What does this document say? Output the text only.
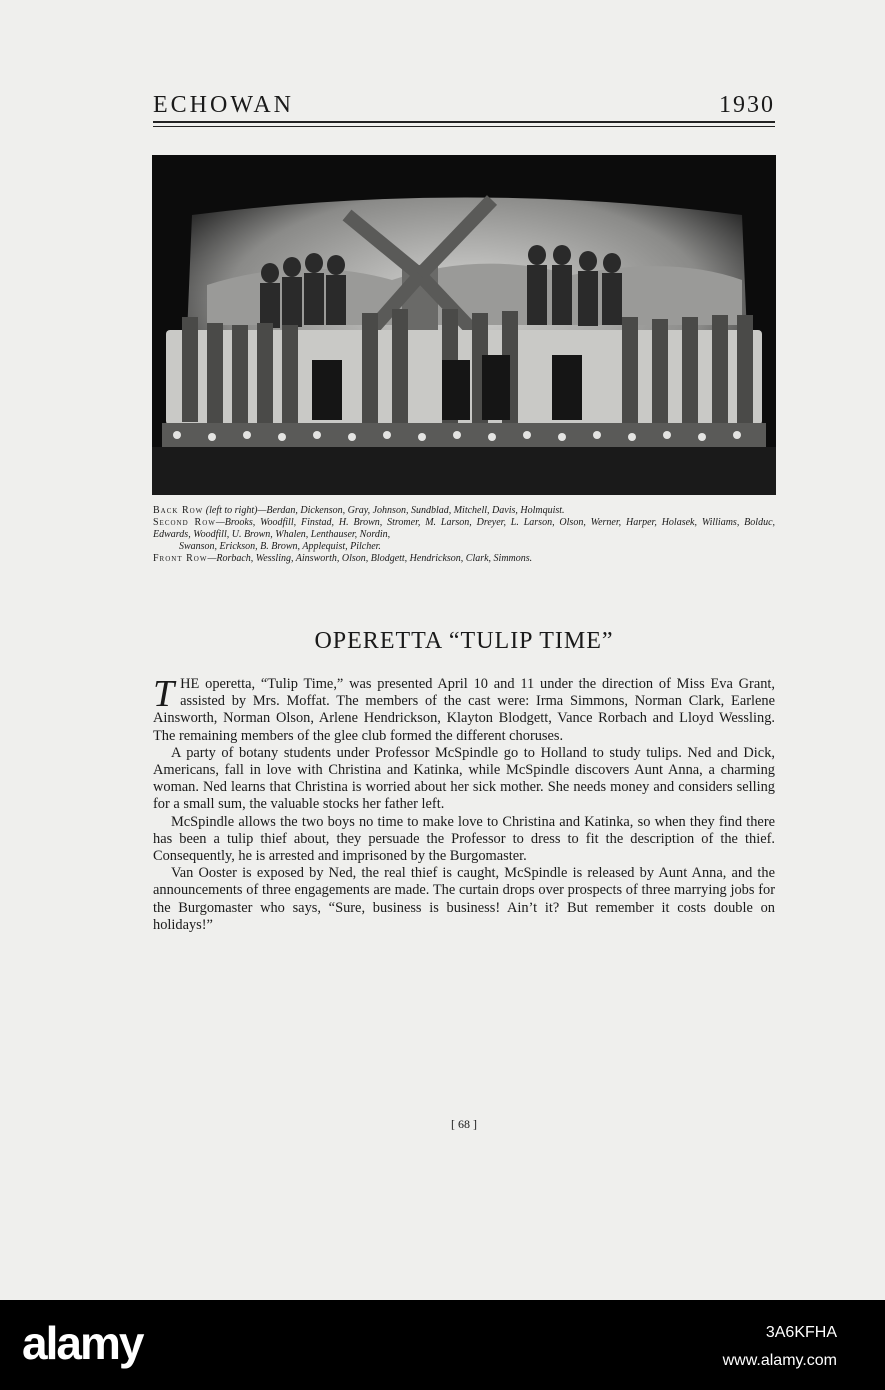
ECHOWAN	1930
Back Row (left to right)—Berdan, Dickenson, Gray, Johnson, Sundblad, Mitchell, Davis, Holmquist.
Second Row—Brooks, Woodfill, Finstad, H. Brown, Stromer, M. Larson, Dreyer, L. Larson, Olson, Werner, Harper, Holasek, Williams, Bolduc, Edwards, Woodfill, U. Brown, Whalen, Lenthauser, Nordin,
Swanson, Erickson, B. Brown, Applequist, Pilcher.
Front Row—Rorbach, Wessling, Ainsworth, Olson, Blodgett, Hendrickson, Clark, Simmons.
OPERETTA “TULIP TIME”

THE operetta, “Tulip Time,” was presented April 10 and 11 under the direction of Miss Eva Grant, assisted by Mrs. Moffat. The members of the cast were: Irma Simmons, Norman Clark, Earlene Ainsworth, Norman Olson, Arlene Hendrickson, Klayton Blodgett, Vance Rorbach and Lloyd Wessling. The remaining members of the glee club formed the different choruses.

A party of botany students under Professor McSpindle go to Holland to study tulips. Ned and Dick, Americans, fall in love with Christina and Katinka, while McSpindle discovers Aunt Anna, a charming woman. Ned learns that Christina is worried about her sick mother. She needs money and considers selling for a small sum, the valuable stocks her father left.

McSpindle allows the two boys no time to make love to Christina and Katinka, so when they find there has been a tulip thief about, they persuade the Professor to dress to fit the description of the thief. Consequently, he is arrested and imprisoned by the Burgomaster.

Van Ooster is exposed by Ned, the real thief is caught, McSpindle is released by Aunt Anna, and the announcements of three engagements are made. The curtain drops over prospects of three marrying jobs for the Burgomaster who says, “Sure, business is business! Ain’t it? But remember it costs double on holidays!”

[ 68 ]
alamy	3A6KFHA
www.alamy.com
